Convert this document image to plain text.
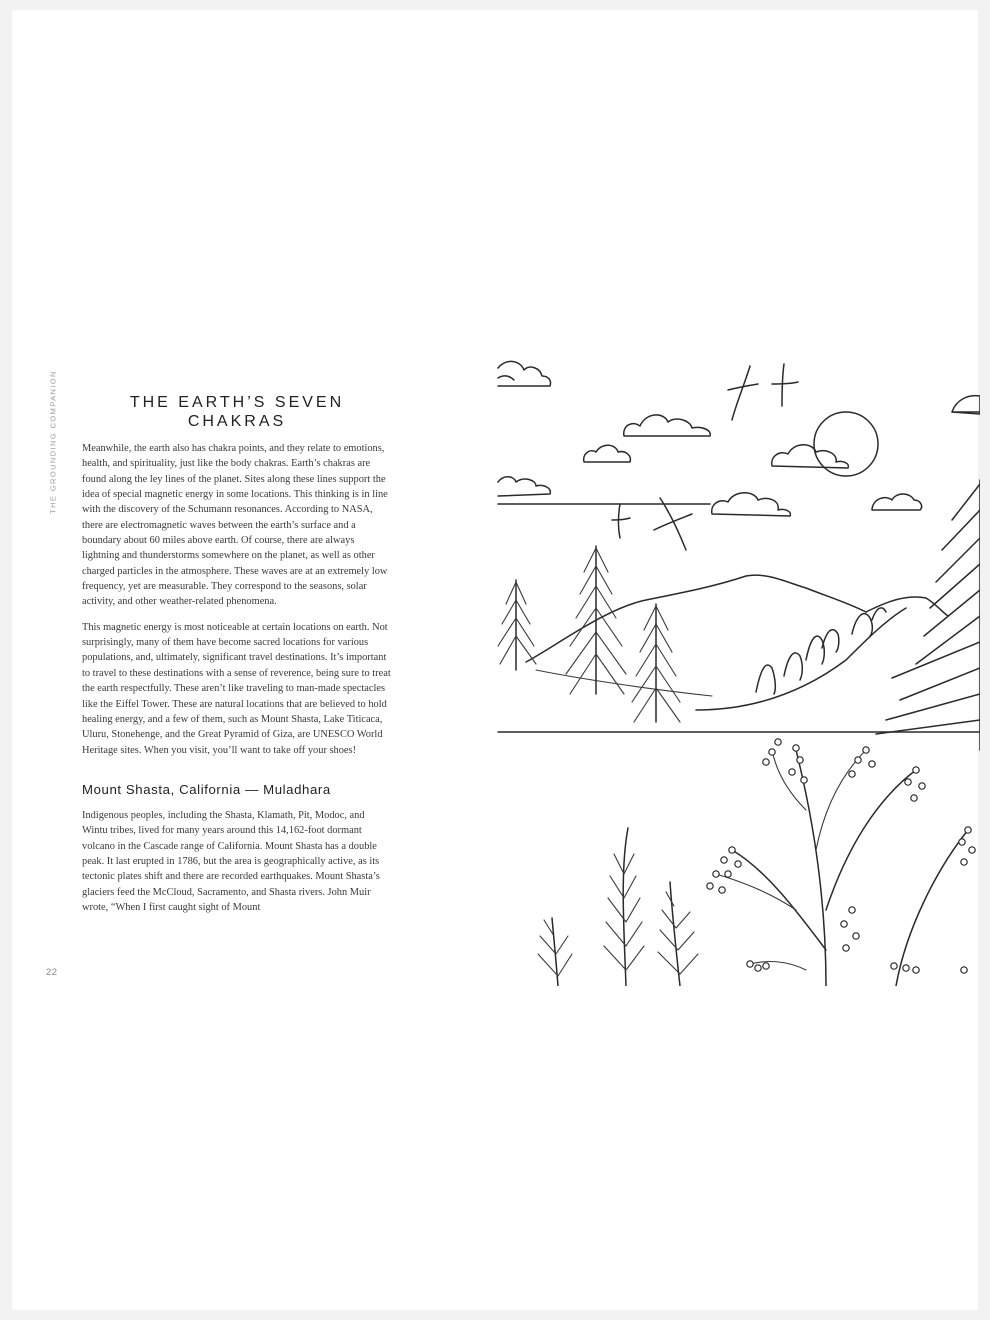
THE GROUNDING COMPANION
22
THE EARTH’S SEVEN
CHAKRAS

Meanwhile, the earth also has chakra points, and they relate to emotions, health, and spirituality, just like the body chakras. Earth’s chakras are found along the ley lines of the planet. Sites along these lines support the idea of special magnetic energy in some locations. This thinking is in line with the discovery of the Schumann resonances. According to NASA, there are electromagnetic waves between the earth’s surface and a boundary about 60 miles above earth. Of course, there are always lightning and thunderstorms somewhere on the planet, as well as other charged particles in the atmosphere. These waves are at an extremely low frequency, yet are measurable. They correspond to the seasons, solar activity, and other weather-related phenomena.

This magnetic energy is most noticeable at certain locations on earth. Not surprisingly, many of them have become sacred locations for various populations, and, ultimately, significant travel destinations. It’s important to travel to these destinations with a sense of reverence, being sure to treat the earth respectfully. These aren’t like traveling to man-made spectacles like the Eiffel Tower. These are natural locations that are believed to hold healing energy, and a few of them, such as Mount Shasta, Lake Titicaca, Uluru, Stonehenge, and the Great Pyramid of Giza, are UNESCO World Heritage sites. When you visit, you’ll want to take off your shoes!

Mount Shasta, California — Muladhara

Indigenous peoples, including the Shasta, Klamath, Pit, Modoc, and Wintu tribes, lived for many years around this 14,162-foot dormant volcano in the Cascade range of California. Mount Shasta has a double peak. It last erupted in 1786, but the area is geographically active, as its tectonic plates shift and there are recorded earthquakes. Mount Shasta’s glaciers feed the McCloud, Sacramento, and Shasta rivers. John Muir wrote, “When I first caught sight of Mount
